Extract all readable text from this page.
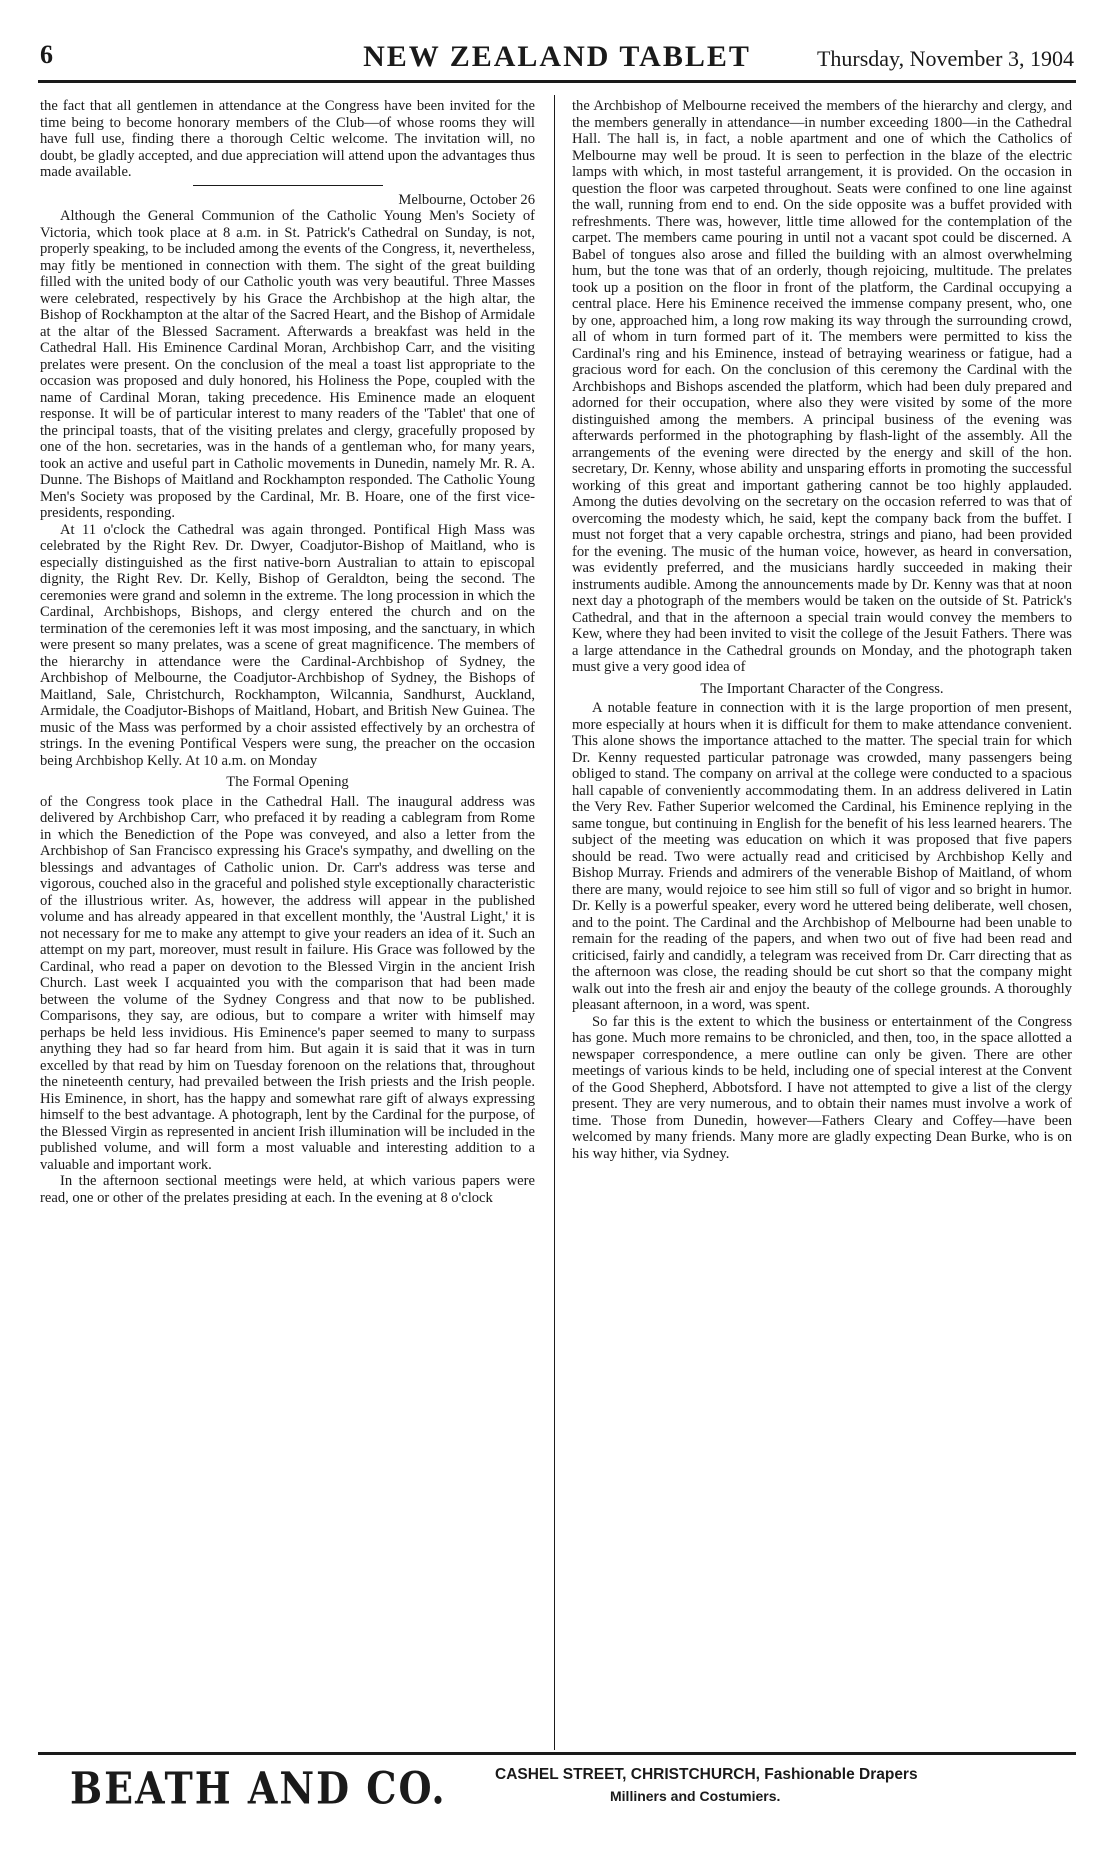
6	NEW ZEALAND TABLET	Thursday, November 3, 1904

the fact that all gentlemen in attendance at the Congress have been invited for the time being to become honorary members of the Club—of whose rooms they will have full use, finding there a thorough Celtic welcome. The invitation will, no doubt, be gladly accepted, and due appreciation will attend upon the advantages thus made available.

Melbourne, October 26

Although the General Communion of the Catholic Young Men's Society of Victoria, which took place at 8 a.m. in St. Patrick's Cathedral on Sunday, is not, properly speaking, to be included among the events of the Congress, it, nevertheless, may fitly be mentioned in connection with them. The sight of the great building filled with the united body of our Catholic youth was very beautiful. Three Masses were celebrated, respectively by his Grace the Archbishop at the high altar, the Bishop of Rockhampton at the altar of the Sacred Heart, and the Bishop of Armidale at the altar of the Blessed Sacrament. Afterwards a breakfast was held in the Cathedral Hall. His Eminence Cardinal Moran, Archbishop Carr, and the visiting prelates were present. On the conclusion of the meal a toast list appropriate to the occasion was proposed and duly honored, his Holiness the Pope, coupled with the name of Cardinal Moran, taking precedence. His Eminence made an eloquent response. It will be of particular interest to many readers of the 'Tablet' that one of the principal toasts, that of the visiting prelates and clergy, gracefully proposed by one of the hon. secretaries, was in the hands of a gentleman who, for many years, took an active and useful part in Catholic movements in Dunedin, namely Mr. R. A. Dunne. The Bishops of Maitland and Rockhampton responded. The Catholic Young Men's Society was proposed by the Cardinal, Mr. B. Hoare, one of the first vice-presidents, responding.

At 11 o'clock the Cathedral was again thronged. Pontifical High Mass was celebrated by the Right Rev. Dr. Dwyer, Coadjutor-Bishop of Maitland, who is especially distinguished as the first native-born Australian to attain to episcopal dignity, the Right Rev. Dr. Kelly, Bishop of Geraldton, being the second. The ceremonies were grand and solemn in the extreme. The long procession in which the Cardinal, Archbishops, Bishops, and clergy entered the church and on the termination of the ceremonies left it was most imposing, and the sanctuary, in which were present so many prelates, was a scene of great magnificence. The members of the hierarchy in attendance were the Cardinal-Archbishop of Sydney, the Archbishop of Melbourne, the Coadjutor-Archbishop of Sydney, the Bishops of Maitland, Sale, Christchurch, Rockhampton, Wilcannia, Sandhurst, Auckland, Armidale, the Coadjutor-Bishops of Maitland, Hobart, and British New Guinea. The music of the Mass was performed by a choir assisted effectively by an orchestra of strings. In the evening Pontifical Vespers were sung, the preacher on the occasion being Archbishop Kelly. At 10 a.m. on Monday

The Formal Opening

of the Congress took place in the Cathedral Hall. The inaugural address was delivered by Archbishop Carr, who prefaced it by reading a cablegram from Rome in which the Benediction of the Pope was conveyed, and also a letter from the Archbishop of San Francisco expressing his Grace's sympathy, and dwelling on the blessings and advantages of Catholic union. Dr. Carr's address was terse and vigorous, couched also in the graceful and polished style exceptionally characteristic of the illustrious writer. As, however, the address will appear in the published volume and has already appeared in that excellent monthly, the 'Austral Light,' it is not necessary for me to make any attempt to give your readers an idea of it. Such an attempt on my part, moreover, must result in failure. His Grace was followed by the Cardinal, who read a paper on devotion to the Blessed Virgin in the ancient Irish Church. Last week I acquainted you with the comparison that had been made between the volume of the Sydney Congress and that now to be published. Comparisons, they say, are odious, but to compare a writer with himself may perhaps be held less invidious. His Eminence's paper seemed to many to surpass anything they had so far heard from him. But again it is said that it was in turn excelled by that read by him on Tuesday forenoon on the relations that, throughout the nineteenth century, had prevailed between the Irish priests and the Irish people. His Eminence, in short, has the happy and somewhat rare gift of always expressing himself to the best advantage. A photograph, lent by the Cardinal for the purpose, of the Blessed Virgin as represented in ancient Irish illumination will be included in the published volume, and will form a most valuable and interesting addition to a valuable and important work.

In the afternoon sectional meetings were held, at which various papers were read, one or other of the prelates presiding at each. In the evening at 8 o'clock

the Archbishop of Melbourne received the members of the hierarchy and clergy, and the members generally in attendance—in number exceeding 1800—in the Cathedral Hall. The hall is, in fact, a noble apartment and one of which the Catholics of Melbourne may well be proud. It is seen to perfection in the blaze of the electric lamps with which, in most tasteful arrangement, it is provided. On the occasion in question the floor was carpeted throughout. Seats were confined to one line against the wall, running from end to end. On the side opposite was a buffet provided with refreshments. There was, however, little time allowed for the contemplation of the carpet. The members came pouring in until not a vacant spot could be discerned. A Babel of tongues also arose and filled the building with an almost overwhelming hum, but the tone was that of an orderly, though rejoicing, multitude. The prelates took up a position on the floor in front of the platform, the Cardinal occupying a central place. Here his Eminence received the immense company present, who, one by one, approached him, a long row making its way through the surrounding crowd, all of whom in turn formed part of it. The members were permitted to kiss the Cardinal's ring and his Eminence, instead of betraying weariness or fatigue, had a gracious word for each. On the conclusion of this ceremony the Cardinal with the Archbishops and Bishops ascended the platform, which had been duly prepared and adorned for their occupation, where also they were visited by some of the more distinguished among the members. A principal business of the evening was afterwards performed in the photographing by flash-light of the assembly. All the arrangements of the evening were directed by the energy and skill of the hon. secretary, Dr. Kenny, whose ability and unsparing efforts in promoting the successful working of this great and important gathering cannot be too highly applauded. Among the duties devolving on the secretary on the occasion referred to was that of overcoming the modesty which, he said, kept the company back from the buffet. I must not forget that a very capable orchestra, strings and piano, had been provided for the evening. The music of the human voice, however, as heard in conversation, was evidently preferred, and the musicians hardly succeeded in making their instruments audible. Among the announcements made by Dr. Kenny was that at noon next day a photograph of the members would be taken on the outside of St. Patrick's Cathedral, and that in the afternoon a special train would convey the members to Kew, where they had been invited to visit the college of the Jesuit Fathers. There was a large attendance in the Cathedral grounds on Monday, and the photograph taken must give a very good idea of

The Important Character of the Congress.

A notable feature in connection with it is the large proportion of men present, more especially at hours when it is difficult for them to make attendance convenient. This alone shows the importance attached to the matter. The special train for which Dr. Kenny requested particular patronage was crowded, many passengers being obliged to stand. The company on arrival at the college were conducted to a spacious hall capable of conveniently accommodating them. In an address delivered in Latin the Very Rev. Father Superior welcomed the Cardinal, his Eminence replying in the same tongue, but continuing in English for the benefit of his less learned hearers. The subject of the meeting was education on which it was proposed that five papers should be read. Two were actually read and criticised by Archbishop Kelly and Bishop Murray. Friends and admirers of the venerable Bishop of Maitland, of whom there are many, would rejoice to see him still so full of vigor and so bright in humor. Dr. Kelly is a powerful speaker, every word he uttered being deliberate, well chosen, and to the point. The Cardinal and the Archbishop of Melbourne had been unable to remain for the reading of the papers, and when two out of five had been read and criticised, fairly and candidly, a telegram was received from Dr. Carr directing that as the afternoon was close, the reading should be cut short so that the company might walk out into the fresh air and enjoy the beauty of the college grounds. A thoroughly pleasant afternoon, in a word, was spent.

So far this is the extent to which the business or entertainment of the Congress has gone. Much more remains to be chronicled, and then, too, in the space allotted a newspaper correspondence, a mere outline can only be given. There are other meetings of various kinds to be held, including one of special interest at the Convent of the Good Shepherd, Abbotsford. I have not attempted to give a list of the clergy present. They are very numerous, and to obtain their names must involve a work of time. Those from Dunedin, however—Fathers Cleary and Coffey—have been welcomed by many friends. Many more are gladly expecting Dean Burke, who is on his way hither, via Sydney.

BEATH AND CO.	CASHEL STREET, CHRISTCHURCH, Fashionable Drapers
Milliners and Costumiers.
